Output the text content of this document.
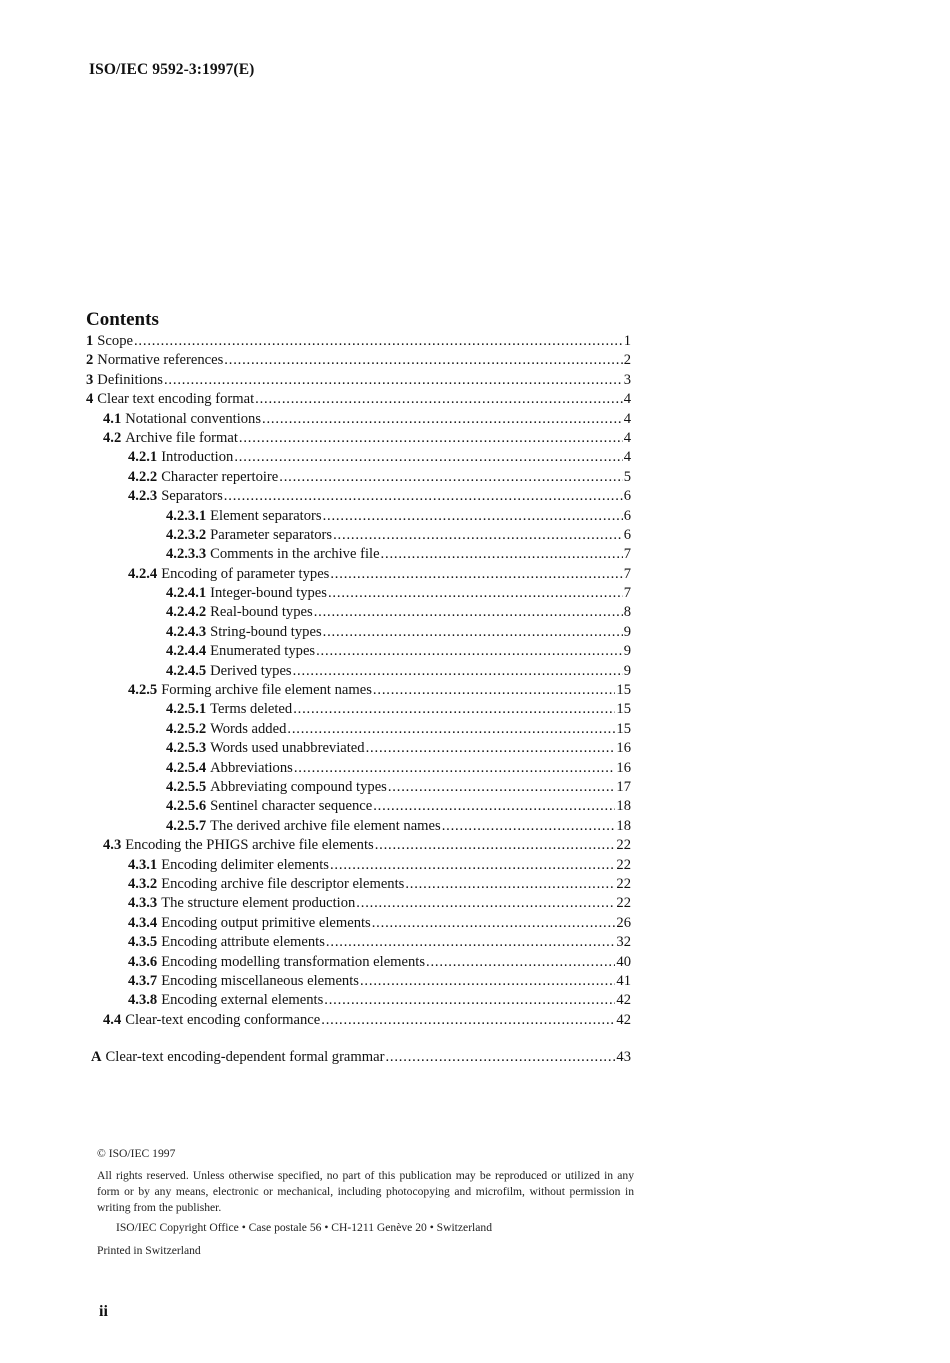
ISO/IEC 9592-3:1997(E)
Contents
1 Scope .....	1
2 Normative references .....	2
3 Definitions .....	3
4 Clear text encoding format .....	4
4.1 Notational conventions .....	4
4.2 Archive file format .....	4
4.2.1 Introduction .....	4
4.2.2 Character repertoire .....	5
4.2.3 Separators .....	6
4.2.3.1 Element separators .....	6
4.2.3.2 Parameter separators .....	6
4.2.3.3 Comments in the archive file .....	7
4.2.4 Encoding of parameter types .....	7
4.2.4.1 Integer-bound types .....	7
4.2.4.2 Real-bound types .....	8
4.2.4.3 String-bound types .....	9
4.2.4.4 Enumerated types .....	9
4.2.4.5 Derived types .....	9
4.2.5 Forming archive file element names .....	15
4.2.5.1 Terms deleted .....	15
4.2.5.2 Words added .....	15
4.2.5.3 Words used unabbreviated .....	16
4.2.5.4 Abbreviations .....	16
4.2.5.5 Abbreviating compound types .....	17
4.2.5.6 Sentinel character sequence .....	18
4.2.5.7 The derived archive file element names .....	18
4.3 Encoding the PHIGS archive file elements .....	22
4.3.1 Encoding delimiter elements .....	22
4.3.2 Encoding archive file descriptor elements .....	22
4.3.3 The structure element production .....	22
4.3.4 Encoding output primitive elements .....	26
4.3.5 Encoding attribute elements .....	32
4.3.6 Encoding modelling transformation elements .....	40
4.3.7 Encoding miscellaneous elements .....	41
4.3.8 Encoding external elements .....	42
4.4 Clear-text encoding conformance .....	42
A Clear-text encoding-dependent formal grammar .....	43

© ISO/IEC 1997

All rights reserved. Unless otherwise specified, no part of this publication may be reproduced or utilized in any form or by any means, electronic or mechanical, including photocopying and microfilm, without permission in writing from the publisher.

ISO/IEC Copyright Office • Case postale 56 • CH-1211 Genève 20 • Switzerland

Printed in Switzerland

ii
